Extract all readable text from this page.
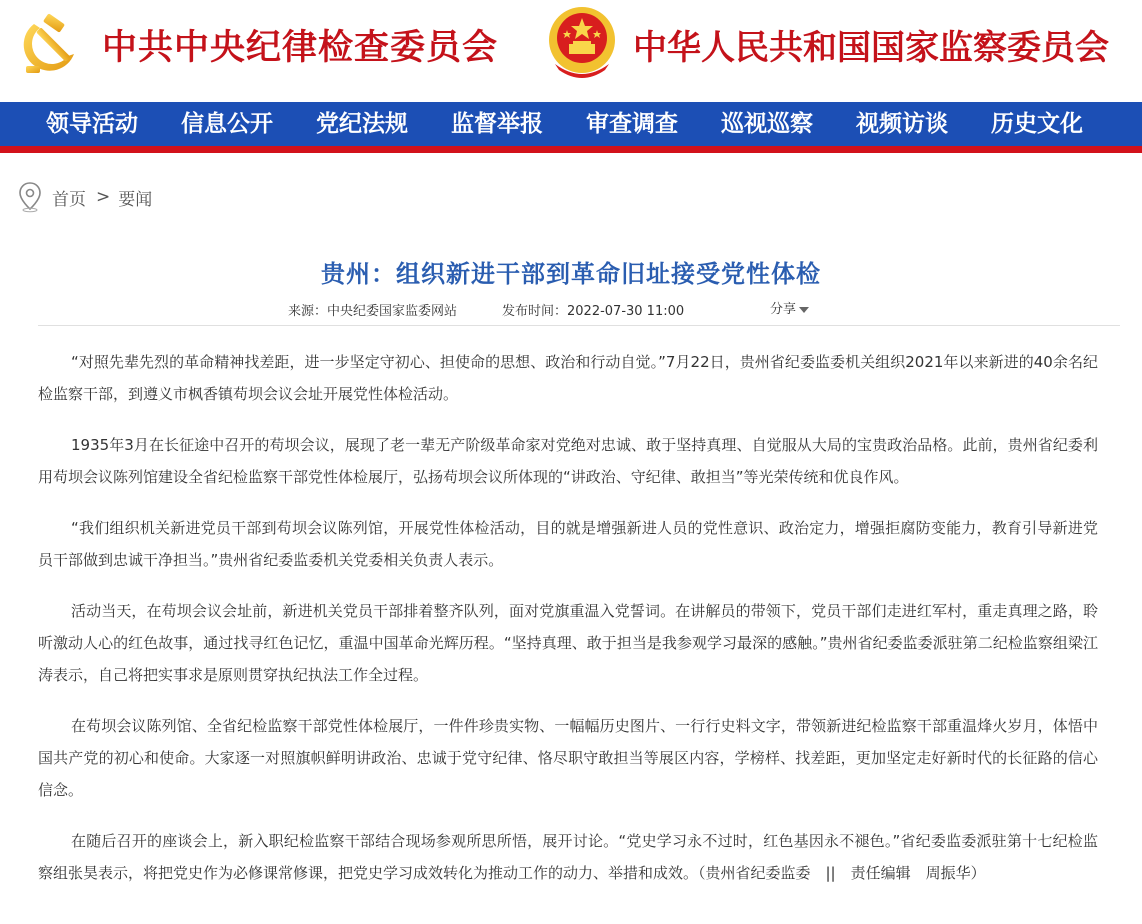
中共中央纪律检查委员会	中华人民共和国国家监察委员会
领导活动	信息公开	党纪法规	监督举报	审查调查	巡视巡察	视频访谈	历史文化
首页 > 要闻
贵州：组织新进干部到革命旧址接受党性体检
来源：中央纪委国家监委网站	发布时间：2022-07-30 11:00	分享

“对照先辈先烈的革命精神找差距，进一步坚定守初心、担使命的思想、政治和行动自觉。”7月22日，贵州省纪委监委机关组织2021年以来新进的40余名纪检监察干部，到遵义市枫香镇苟坝会议会址开展党性体检活动。

1935年3月在长征途中召开的苟坝会议，展现了老一辈无产阶级革命家对党绝对忠诚、敢于坚持真理、自觉服从大局的宝贵政治品格。此前，贵州省纪委利用苟坝会议陈列馆建设全省纪检监察干部党性体检展厅，弘扬苟坝会议所体现的“讲政治、守纪律、敢担当”等光荣传统和优良作风。

“我们组织机关新进党员干部到苟坝会议陈列馆，开展党性体检活动，目的就是增强新进人员的党性意识、政治定力，增强拒腐防变能力，教育引导新进党员干部做到忠诚干净担当。”贵州省纪委监委机关党委相关负责人表示。

活动当天，在苟坝会议会址前，新进机关党员干部排着整齐队列，面对党旗重温入党誓词。在讲解员的带领下，党员干部们走进红军村，重走真理之路，聆听激动人心的红色故事，通过找寻红色记忆，重温中国革命光辉历程。“坚持真理、敢于担当是我参观学习最深的感触。”贵州省纪委监委派驻第二纪检监察组梁江涛表示，自己将把实事求是原则贯穿执纪执法工作全过程。

在苟坝会议陈列馆、全省纪检监察干部党性体检展厅，一件件珍贵实物、一幅幅历史图片、一行行史料文字，带领新进纪检监察干部重温烽火岁月，体悟中国共产党的初心和使命。大家逐一对照旗帜鲜明讲政治、忠诚于党守纪律、恪尽职守敢担当等展区内容，学榜样、找差距，更加坚定走好新时代的长征路的信心信念。

在随后召开的座谈会上，新入职纪检监察干部结合现场参观所思所悟，展开讨论。“党史学习永不过时，红色基因永不褪色。”省纪委监委派驻第十七纪检监察组张昊表示，将把党史作为必修课常修课，把党史学习成效转化为推动工作的动力、举措和成效。（贵州省纪委监委　||　责任编辑　周振华）
